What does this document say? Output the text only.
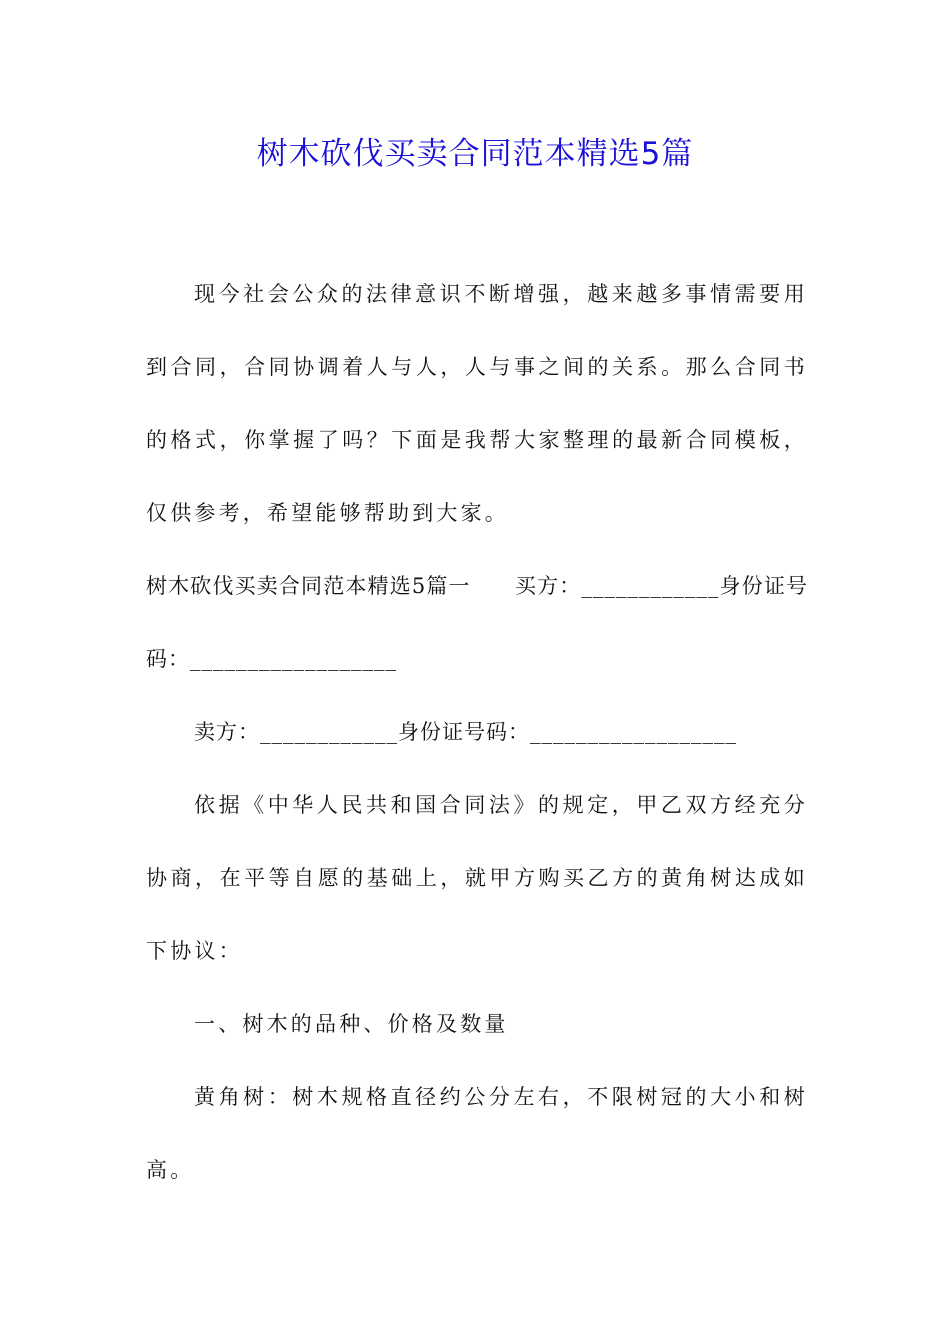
树木砍伐买卖合同范本精选5篇

现今社会公众的法律意识不断增强，越来越多事情需要用到合同，合同协调着人与人，人与事之间的关系。那么合同书的格式，你掌握了吗？下面是我帮大家整理的最新合同模板，仅供参考，希望能够帮助到大家。

树木砍伐买卖合同范本精选5篇一　　买方：____________身份证号码：__________________

卖方：____________身份证号码：__________________

依据《中华人民共和国合同法》的规定，甲乙双方经充分协商，在平等自愿的基础上，就甲方购买乙方的黄角树达成如下协议：

一、树木的品种、价格及数量

黄角树：树木规格直径约公分左右，不限树冠的大小和树高。
